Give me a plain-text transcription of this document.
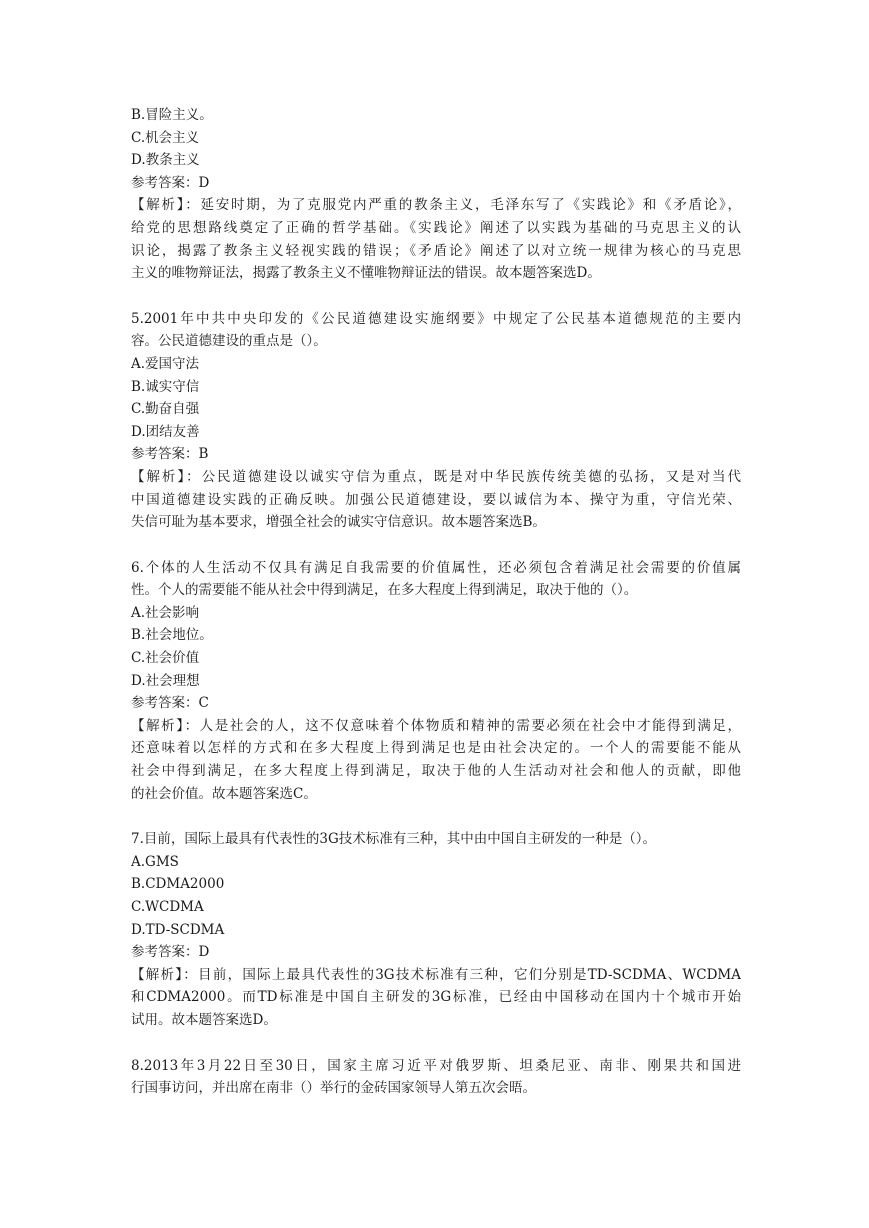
B.冒险主义。
C.机会主义
D.教条主义
参考答案：D
【解析】：延安时期，为了克服党内严重的教条主义，毛泽东写了《实践论》和《矛盾论》，
给党的思想路线奠定了正确的哲学基础。《实践论》阐述了以实践为基础的马克思主义的认
识论，揭露了教条主义轻视实践的错误；《矛盾论》阐述了以对立统一规律为核心的马克思
主义的唯物辩证法，揭露了教条主义不懂唯物辩证法的错误。故本题答案选D。
5.2001年中共中央印发的《公民道德建设实施纲要》中规定了公民基本道德规范的主要内
容。公民道德建设的重点是（）。
A.爱国守法
B.诚实守信
C.勤奋自强
D.团结友善
参考答案：B
【解析】：公民道德建设以诚实守信为重点，既是对中华民族传统美德的弘扬，又是对当代
中国道德建设实践的正确反映。加强公民道德建设，要以诚信为本、操守为重，守信光荣、
失信可耻为基本要求，增强全社会的诚实守信意识。故本题答案选B。
6.个体的人生活动不仅具有满足自我需要的价值属性，还必须包含着满足社会需要的价值属
性。个人的需要能不能从社会中得到满足，在多大程度上得到满足，取决于他的（）。
A.社会影响
B.社会地位。
C.社会价值
D.社会理想
参考答案：C
【解析】：人是社会的人，这不仅意味着个体物质和精神的需要必须在社会中才能得到满足，
还意味着以怎样的方式和在多大程度上得到满足也是由社会决定的。一个人的需要能不能从
社会中得到满足，在多大程度上得到满足，取决于他的人生活动对社会和他人的贡献，即他
的社会价值。故本题答案选C。
7.目前，国际上最具有代表性的3G技术标准有三种，其中由中国自主研发的一种是（）。
A.GMS
B.CDMA2000
C.WCDMA
D.TD-SCDMA
参考答案：D
【解析】：目前，国际上最具代表性的3G技术标准有三种，它们分别是TD-SCDMA、WCDMA
和CDMA2000。而TD标准是中国自主研发的3G标准，已经由中国移动在国内十个城市开始
试用。故本题答案选D。
8.2013年3月22日至30日，国家主席习近平对俄罗斯、坦桑尼亚、南非、刚果共和国进
行国事访问，并出席在南非（）举行的金砖国家领导人第五次会晤。
